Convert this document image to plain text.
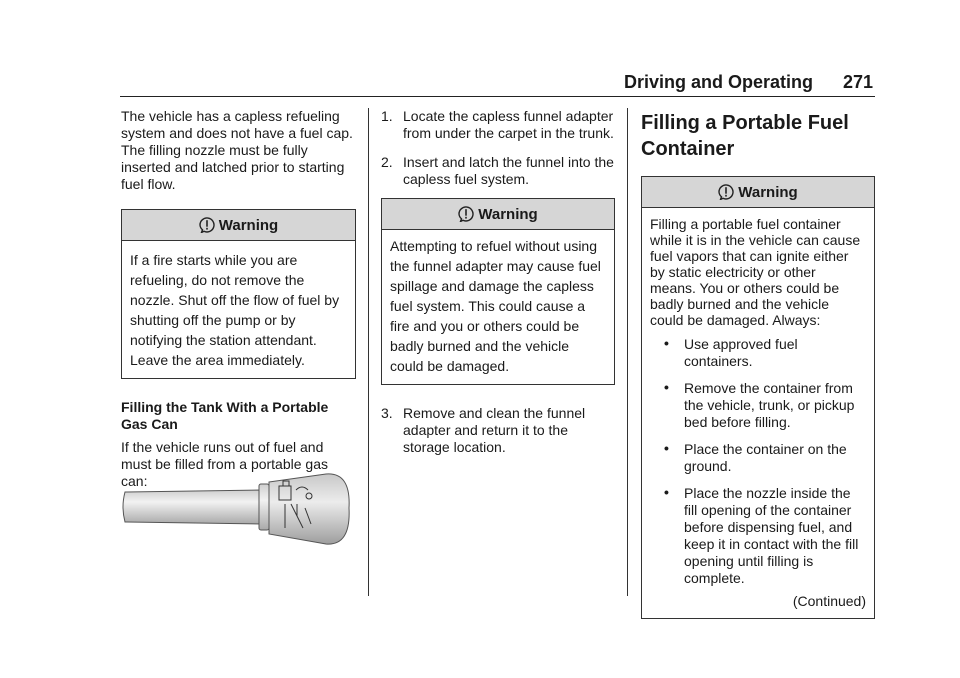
Driving and Operating 271

The vehicle has a capless refueling system and does not have a fuel cap. The filling nozzle must be fully inserted and latched prior to starting fuel flow.

Warning

If a fire starts while you are

refueling, do not remove the

nozzle. Shut off the flow of fuel by

shutting off the pump or by

notifying the station attendant.

Leave the area immediately.

Filling the Tank With a Portable Gas Can

If the vehicle runs out of fuel and must be filled from a portable gas can:

1. Locate the capless funnel adapter from under the carpet in the trunk.
2. Insert and latch the funnel into the capless fuel system.
Warning

Attempting to refuel without using

the funnel adapter may cause fuel

spillage and damage the capless

fuel system. This could cause a

fire and you or others could be

badly burned and the vehicle

could be damaged.

3. Remove and clean the funnel adapter and return it to the storage location.
Filling a Portable Fuel Container
Warning

Filling a portable fuel container

while it is in the vehicle can cause

fuel vapors that can ignite either

by static electricity or other

means. You or others could be

badly burned and the vehicle

could be damaged. Always:

• Use approved fuel containers.
• Remove the container from the vehicle, trunk, or pickup bed before filling.
• Place the container on the ground.
• Place the nozzle inside the fill opening of the container before dispensing fuel, and keep it in contact with the fill opening until filling is complete.
(Continued)
